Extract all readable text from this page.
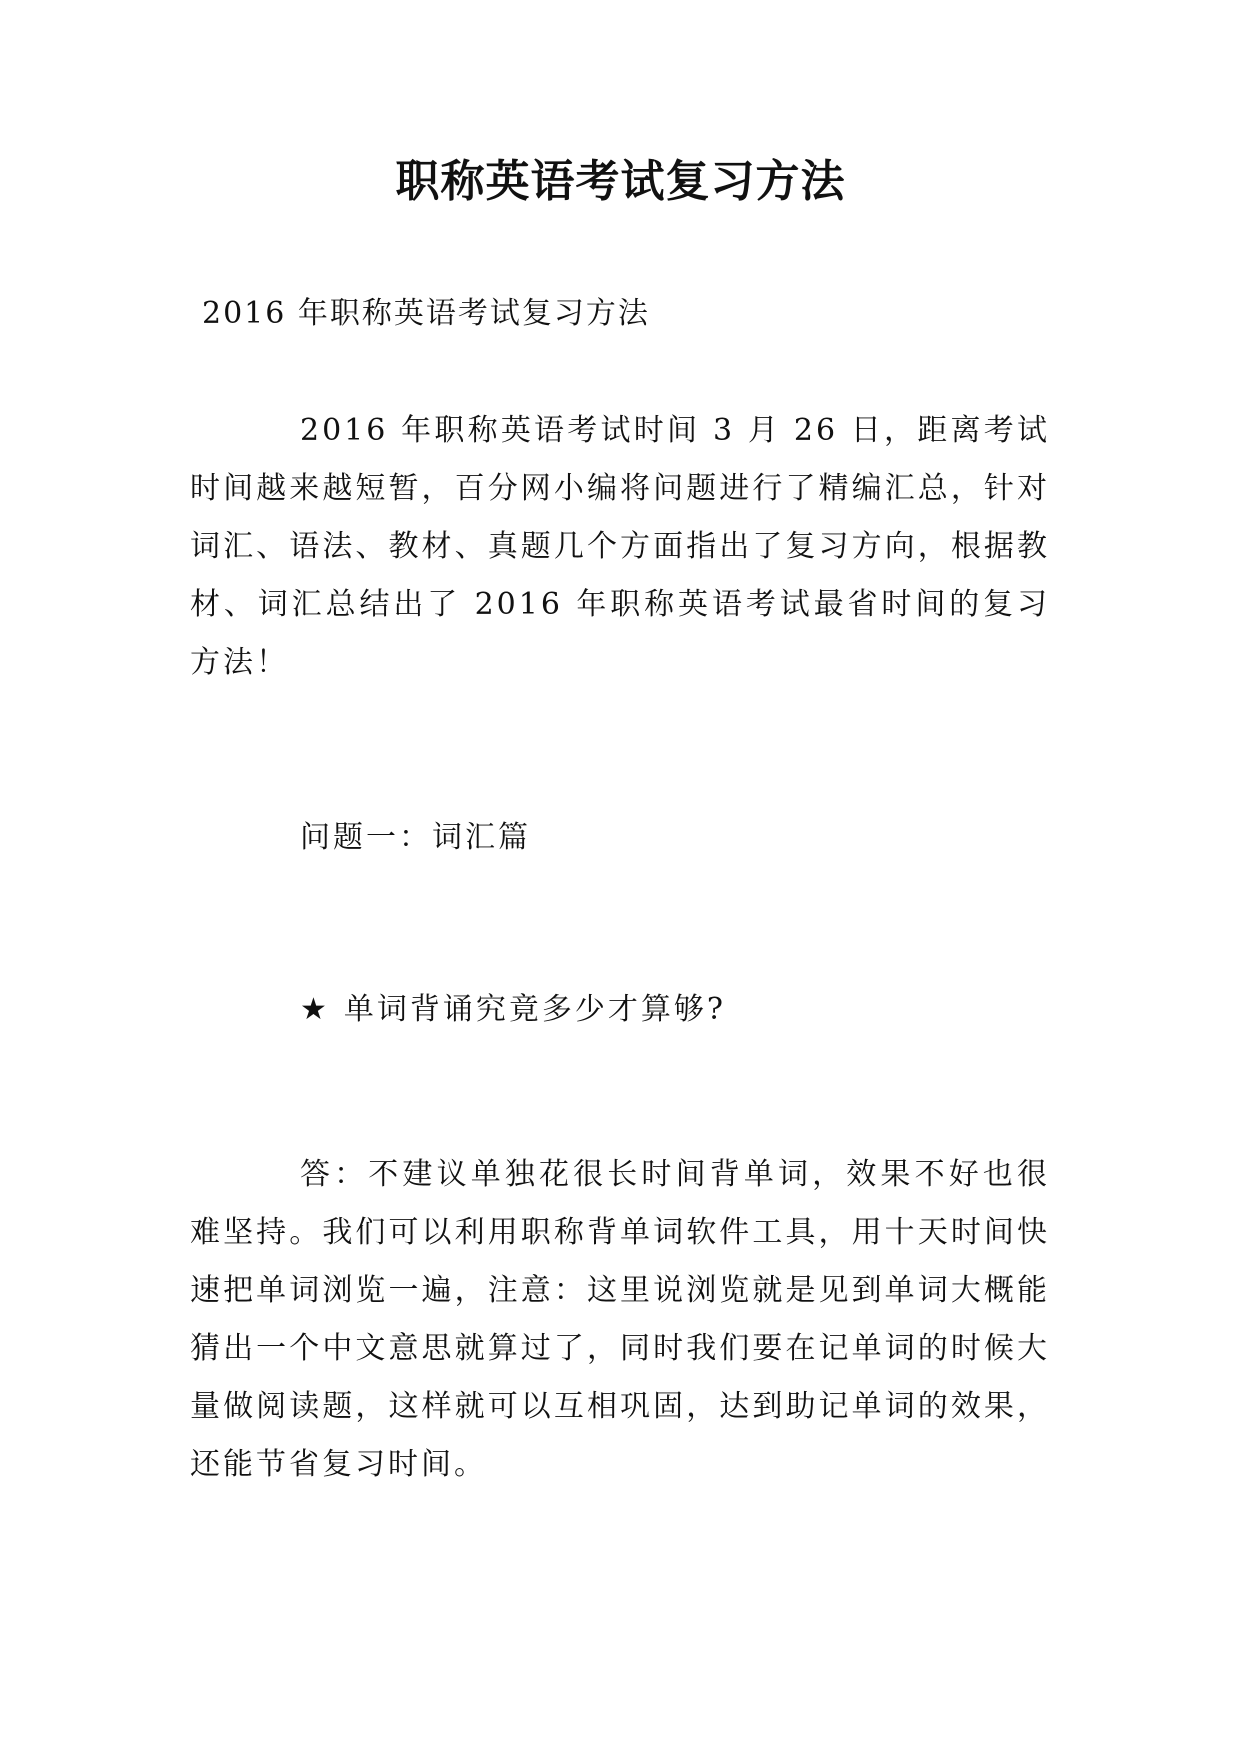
职称英语考试复习方法
2016 年职称英语考试复习方法

2016 年职称英语考试时间 3 月 26 日，距离考试时间越来越短暂，百分网小编将问题进行了精编汇总，针对词汇、语法、教材、真题几个方面指出了复习方向，根据教材、词汇总结出了 2016 年职称英语考试最省时间的复习方法！

问题一：词汇篇
★ 单词背诵究竟多少才算够?

答：不建议单独花很长时间背单词，效果不好也很难坚持。我们可以利用职称背单词软件工具，用十天时间快速把单词浏览一遍，注意：这里说浏览就是见到单词大概能猜出一个中文意思就算过了，同时我们要在记单词的时候大量做阅读题，这样就可以互相巩固，达到助记单词的效果，还能节省复习时间。
